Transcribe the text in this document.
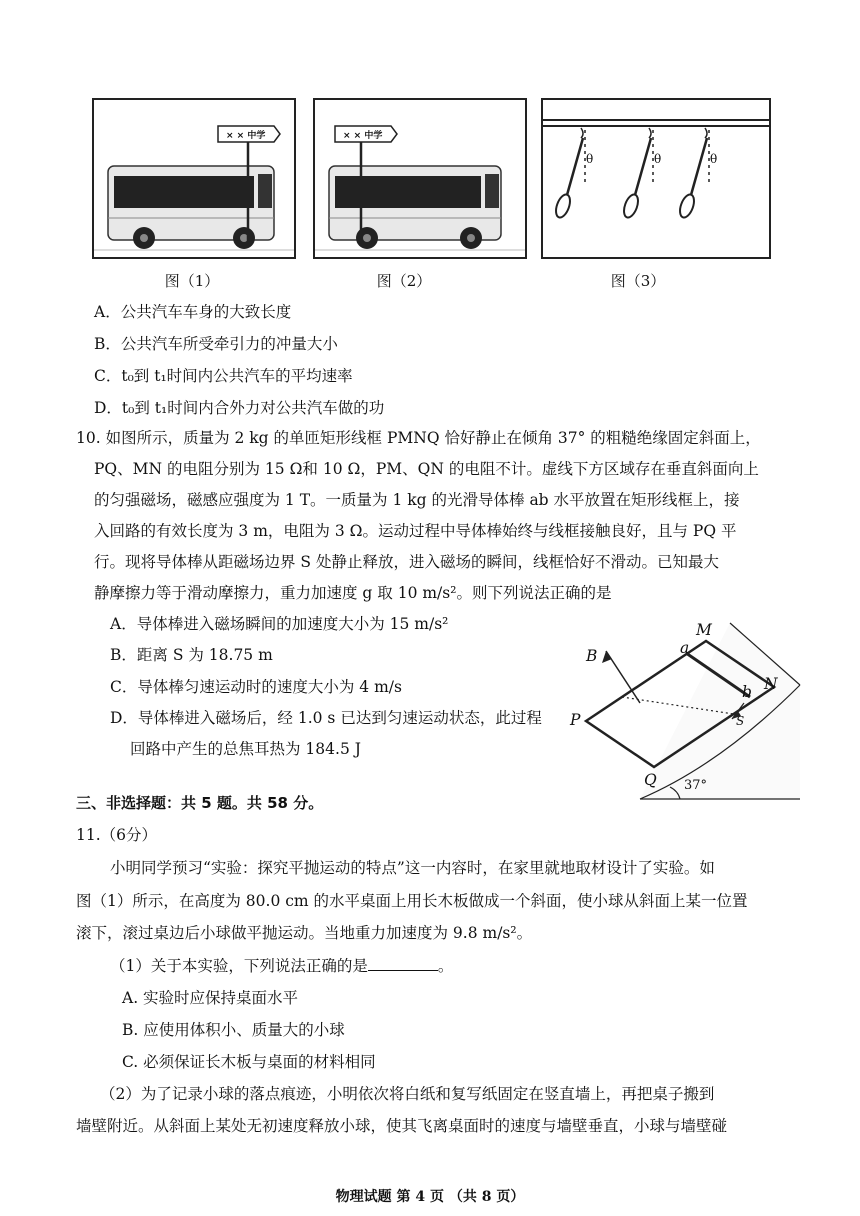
× × 中学	× × 中学
θ	θ	θ
图（1）	图（2）	图（3）
A．公共汽车车身的大致长度
B．公共汽车所受牵引力的冲量大小
C．t₀到 t₁时间内公共汽车的平均速率
D．t₀到 t₁时间内合外力对公共汽车做的功
10. 如图所示，质量为 2 kg 的单匝矩形线框 PMNQ 恰好静止在倾角 37° 的粗糙绝缘固定斜面上，
PQ、MN 的电阻分别为 15 Ω和 10 Ω，PM、QN 的电阻不计。虚线下方区域存在垂直斜面向上
的匀强磁场，磁感应强度为 1 T。一质量为 1 kg 的光滑导体棒 ab 水平放置在矩形线框上，接
入回路的有效长度为 3 m，电阻为 3 Ω。运动过程中导体棒始终与线框接触良好，且与 PQ 平
行。现将导体棒从距磁场边界 S 处静止释放，进入磁场的瞬间，线框恰好不滑动。已知最大
静摩擦力等于滑动摩擦力，重力加速度 g 取 10 m/s²。则下列说法正确的是
A．导体棒进入磁场瞬间的加速度大小为 15 m/s²
B．距离 S 为 18.75 m
C．导体棒匀速运动时的速度大小为 4 m/s
D．导体棒进入磁场后，经 1.0 s 已达到匀速运动状态，此过程
回路中产生的总焦耳热为 184.5 J
B
M
a
b N
P	S
Q 37°
三、非选择题：共 5 题。共 58 分。
11.（6分）
小明同学预习“实验：探究平抛运动的特点”这一内容时，在家里就地取材设计了实验。如
图（1）所示，在高度为 80.0 cm 的水平桌面上用长木板做成一个斜面，使小球从斜面上某一位置
滚下，滚过桌边后小球做平抛运动。当地重力加速度为 9.8 m/s²。
（1）关于本实验，下列说法正确的是	。
A. 实验时应保持桌面水平
B. 应使用体积小、质量大的小球
C. 必须保证长木板与桌面的材料相同
（2）为了记录小球的落点痕迹，小明依次将白纸和复写纸固定在竖直墙上，再把桌子搬到
墙壁附近。从斜面上某处无初速度释放小球，使其飞离桌面时的速度与墙壁垂直，小球与墙壁碰
物理试题 第 4 页 （共 8 页）
